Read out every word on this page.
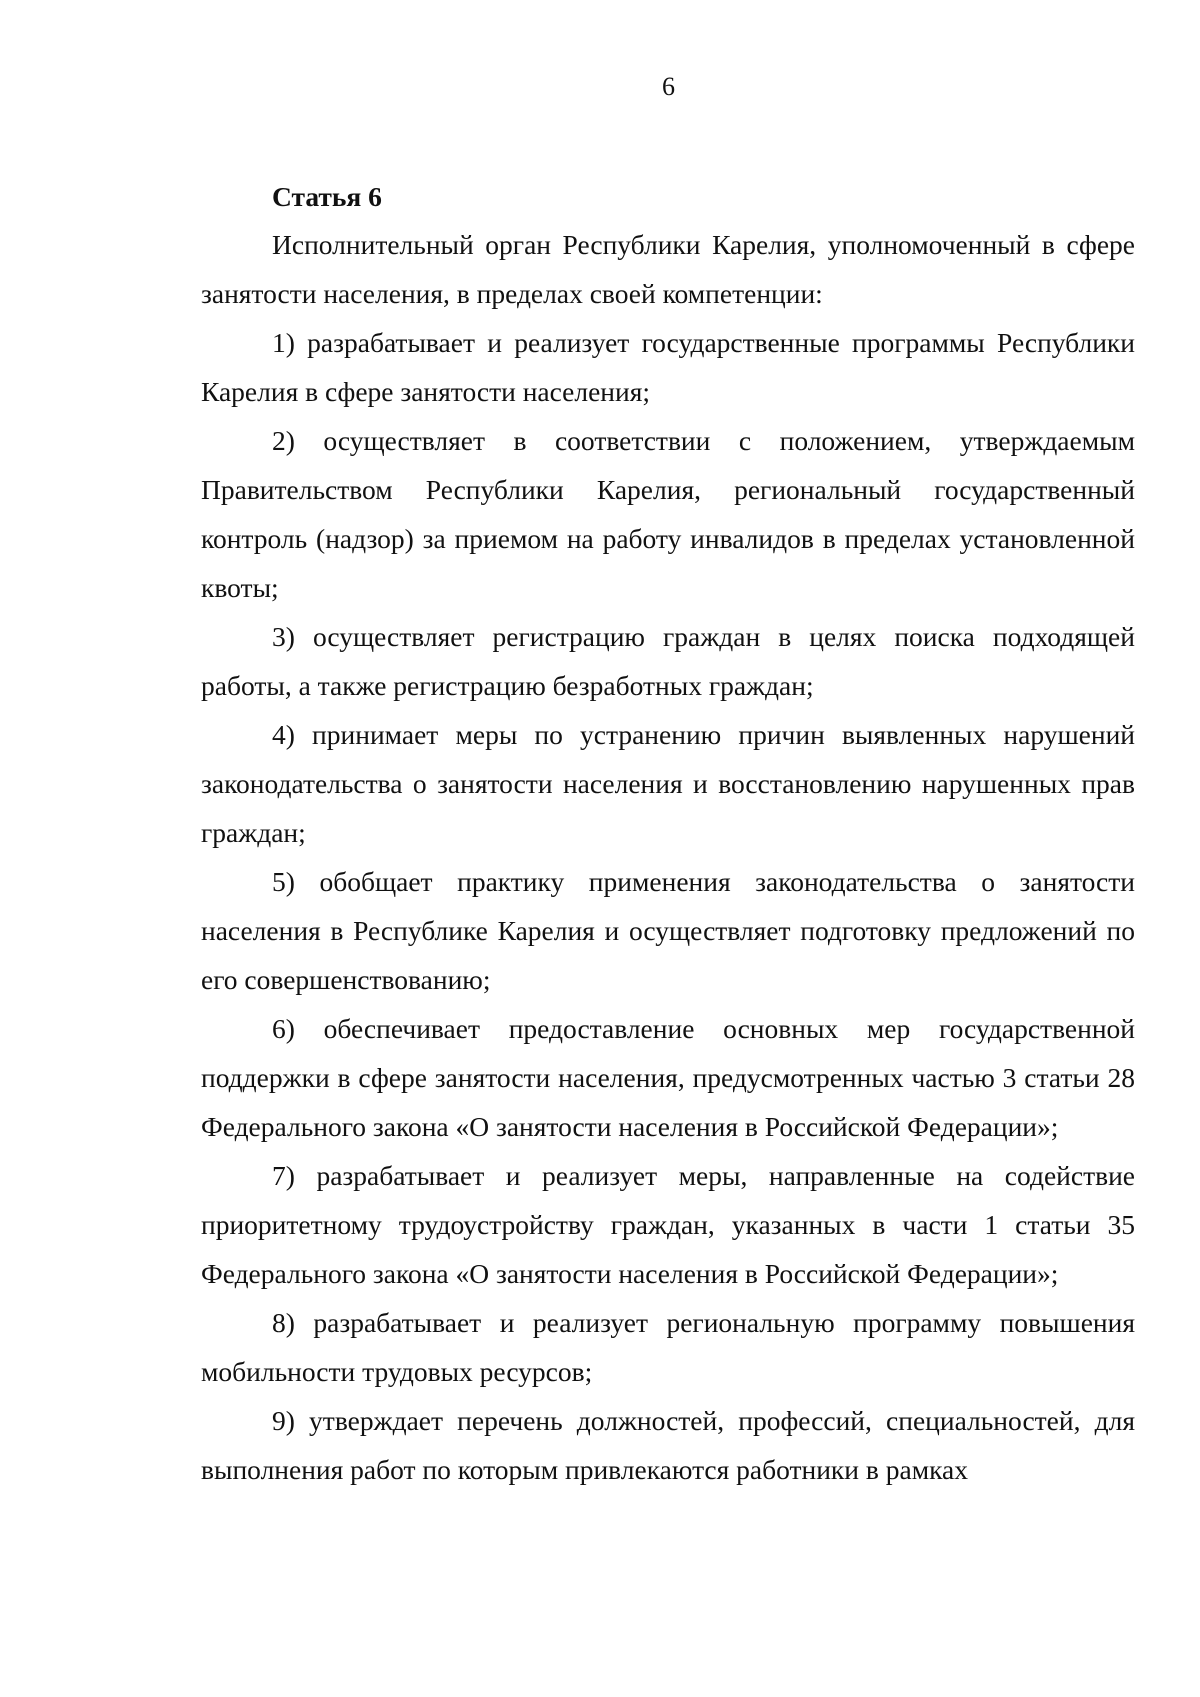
6
Статья 6

Исполнительный орган Республики Карелия, уполномоченный в сфере занятости населения, в пределах своей компетенции:

1) разрабатывает и реализует государственные программы Республики Карелия в сфере занятости населения;

2) осуществляет в соответствии с положением, утверждаемым Правительством Республики Карелия, региональный государственный контроль (надзор) за приемом на работу инвалидов в пределах установленной квоты;

3) осуществляет регистрацию граждан в целях поиска подходящей работы, а также регистрацию безработных граждан;

4) принимает меры по устранению причин выявленных нарушений законодательства о занятости населения и восстановлению нарушенных прав граждан;

5) обобщает практику применения законодательства о занятости населения в Республике Карелия и осуществляет подготовку предложений по его совершенствованию;

6) обеспечивает предоставление основных мер государственной поддержки в сфере занятости населения, предусмотренных частью 3 статьи 28 Федерального закона «О занятости населения в Российской Федерации»;

7) разрабатывает и реализует меры, направленные на содействие приоритетному трудоустройству граждан, указанных в части 1 статьи 35 Федерального закона «О занятости населения в Российской Федерации»;

8) разрабатывает и реализует региональную программу повышения мобильности трудовых ресурсов;

9) утверждает перечень должностей, профессий, специальностей, для выполнения работ по которым привлекаются работники в рамках
